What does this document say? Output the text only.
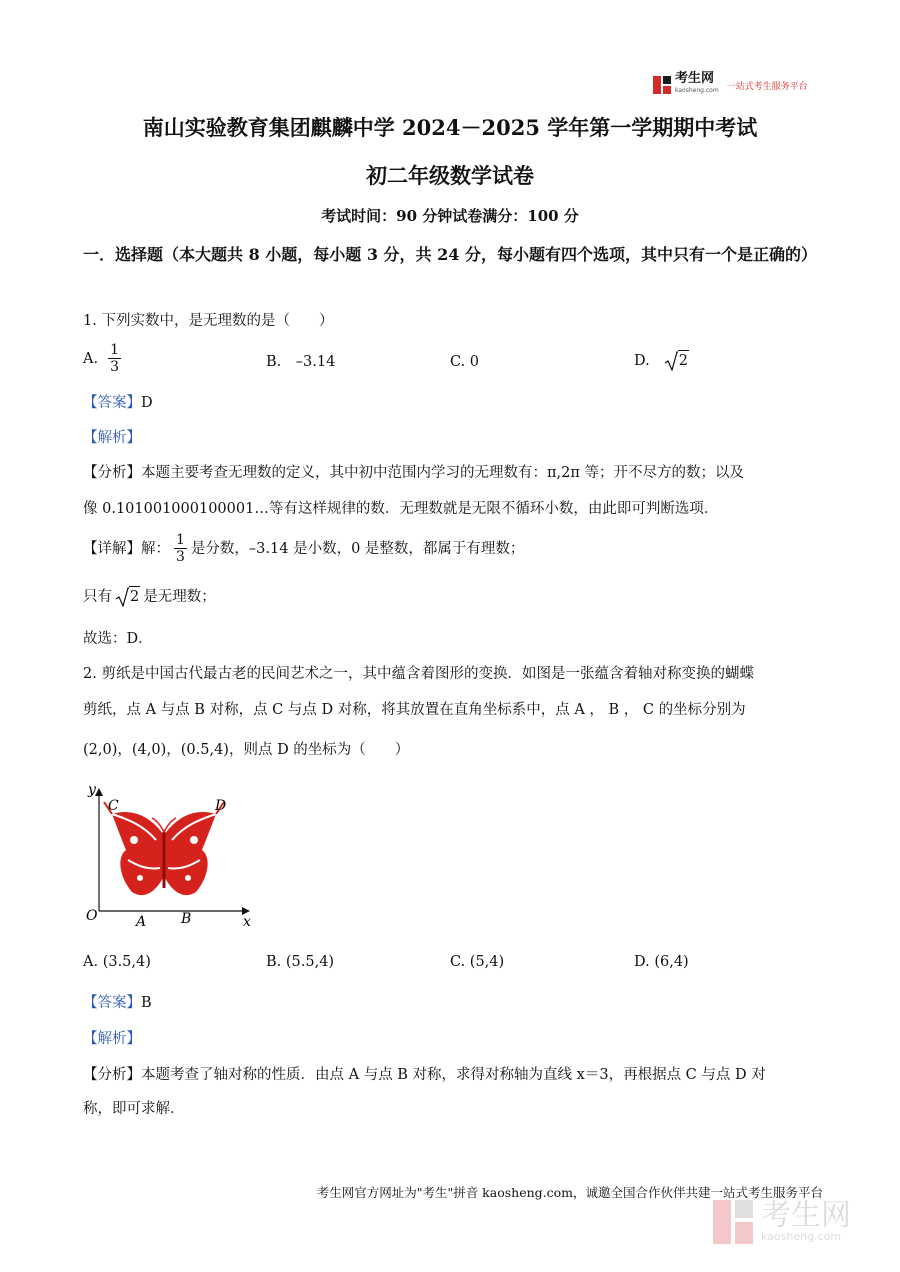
考生网
kaosheng.com 一站式考生服务平台
南山实验教育集团麒麟中学 2024－2025 学年第一学期期中考试
初二年级数学试卷
考试时间：90 分钟试卷满分：100 分
一．选择题（本大题共 8 小题，每小题 3 分，共 24 分，每小题有四个选项，其中只有一个是正确的）
1. 下列实数中，是无理数的是（　　）
A. $\frac{1}{3}$	B.　–3.14	C. 0	D. 2
【答案】D
【解析】
【分析】本题主要考查无理数的定义，其中初中范围内学习的无理数有：π,2π 等；开不尽方的数；以及
像 0.101001000100001…等有这样规律的数．无理数就是无限不循环小数，由此即可判断选项．
【详解】 解： $\frac{1}{3}$ 是分数，–3.14 是小数，0 是整数，都属于有理数；
只有 2 是无理数；
故选：D．
2. 剪纸是中国古代最古老的民间艺术之一，其中蕴含着图形的变换．如图是一张蕴含着轴对称变换的蝴蝶
剪纸，点 A 与点 B 对称，点 C 与点 D 对称，将其放置在直角坐标系中，点 A ， B ， C 的坐标分别为
(2,0)，(4,0)，(0.5,4)，则点 D 的坐标为（　　）
y
x
O	A B
C	D
A. (3.5,4)	B. (5.5,4)	C. (5,4)	D. (6,4)
【答案】B
【解析】
【分析】本题考查了轴对称的性质．由点 A 与点 B 对称，求得对称轴为直线 x＝3，再根据点 C 与点 D 对
称，即可求解．
考生网官方网址为"考生"拼音 kaosheng.com，诚邀全国合作伙伴共建一站式考生服务平台
考生网
kaosheng.com
